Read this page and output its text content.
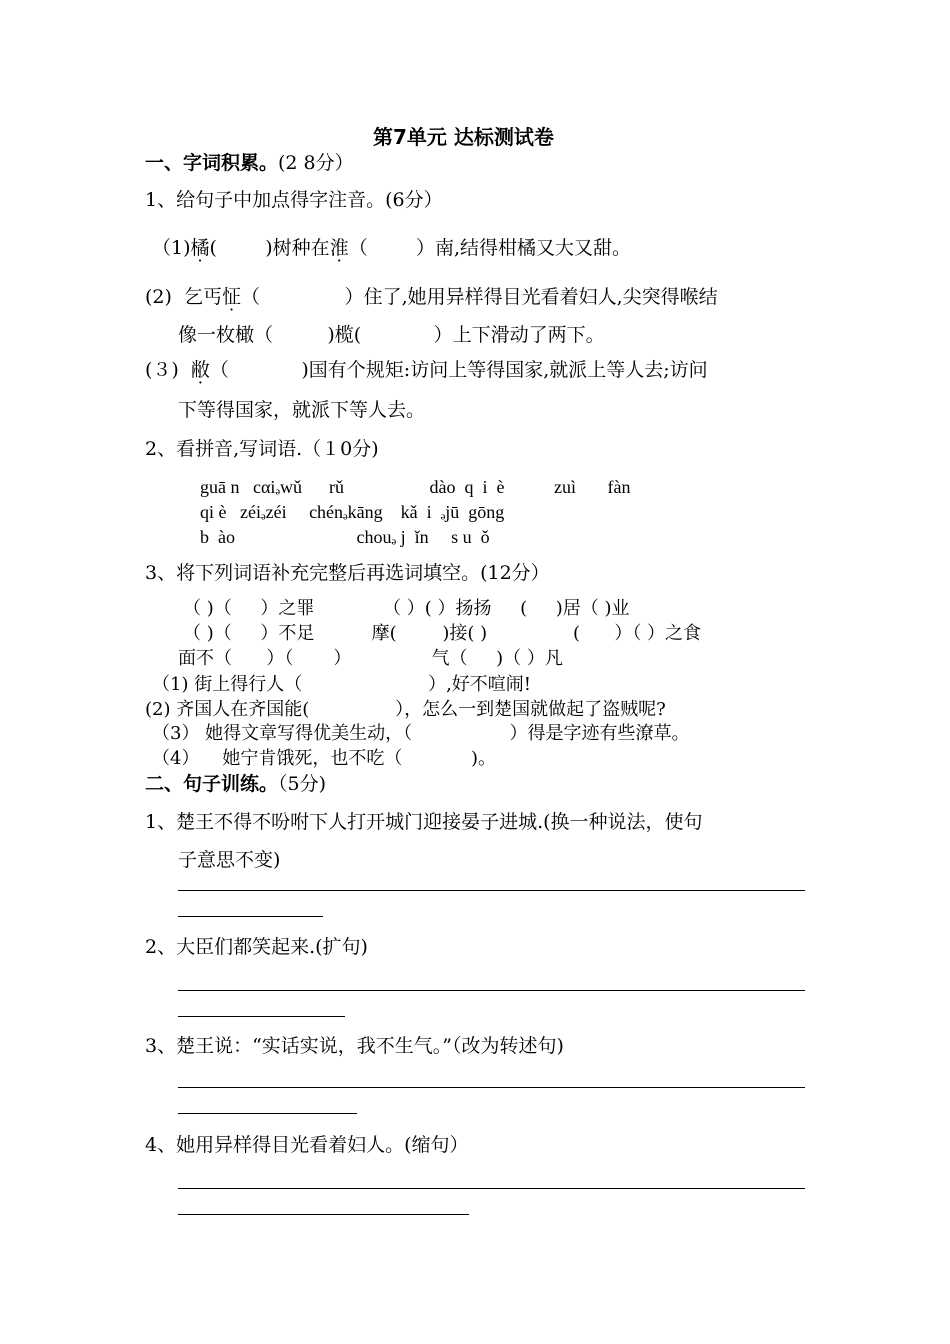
第7单元 达标测试卷
一、字词积累。(2 8分）
1、给句子中加点得字注音。(6分）
（1)橘(        )树种在淮（        ）南,结得柑橘又大又甜。
(2)  乞丐怔（              ）住了,她用异样得目光看着妇人,尖突得喉结
像一枚橄（         )榄(            ）上下滑动了两下。
(３)  敝（            )国有个规矩:访问上等得国家,就派上等人去;访问
下等得国家，就派下等人去。
2、看拼音,写词语.（１0分)
guā n   cαiₔwǔ      rǔ                   dào  q  i  è           zuì       fàn
qi è   zéiₔzéi     chénₔkāng    kǎ  i  ₔjū  gōng
b  ào                           chouₔ j  ǐn     s u  ǒ
3、将下列词语补充完整后再选词填空。(12分）
（ )（     ）之罪            （ ）( ）扬扬     (     )居（ )业
（ )（     ）不足          摩(        )接( )               (      ）（ ）之食
面不（      ）（       ）              气（     )（ ）凡
（1) 街上得行人（                      ）,好不喧闹!
(2) 齐国人在齐国能(               ），怎么一到楚国就做起了盗贼呢?
（3） 她得文章写得优美生动，（                 ）得是字迹有些潦草。
（4）    她宁肯饿死，也不吃（            )。
二、句子训练。（5分)
1、楚王不得不吩咐下人打开城门迎接晏子进城.(换一种说法，使句
子意思不变)
2、大臣们都笑起来.(扩句)
3、楚王说：“实话实说，我不生气。”（改为转述句)
4、她用异样得目光看着妇人。(缩句）
